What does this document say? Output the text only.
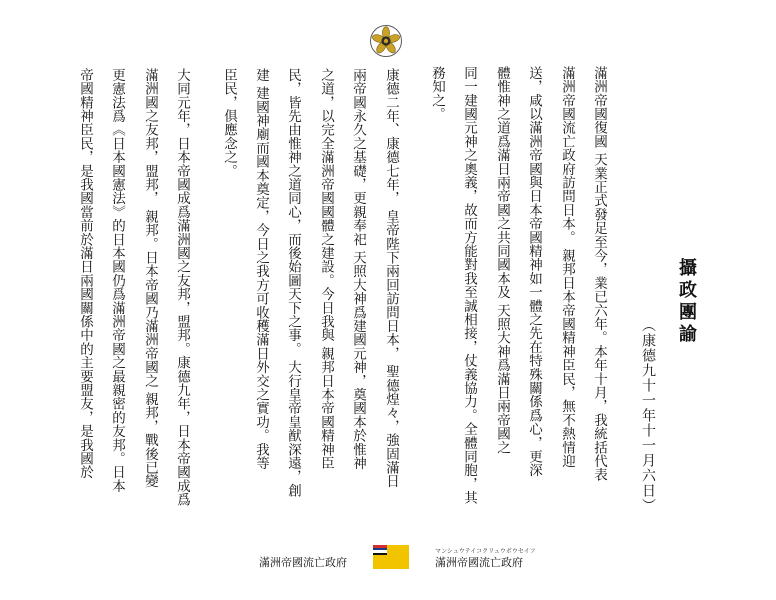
攝政團諭
（康德九十一年十一月六日）
滿洲帝國復國 天業正式發足至今，業已六年。本年十月，我統括代表
滿洲帝國流亡政府訪問日本。 親邦日本帝國精神臣民，無不熱情迎
送，咸以滿洲帝國與日本帝國精神如一體之先在特殊關係爲心，更深
體惟神之道爲滿日兩帝國之共同國本及 天照大神爲滿日兩帝國之
同一建國元神之奧義，故而方能對我至誠相接，仗義協力。全體同胞，其
務知之。
康德二年、康德七年， 皇帝陛下兩回訪問日本， 聖德煌々，強固滿日
兩帝國永久之基礎，更親奉祀 天照大神爲建國元神，奠國本於惟神
之道，以完全滿洲帝國國體之建設。今日我與 親邦日本帝國精神臣
民，皆先由惟神之道同心，而後始圖天下之事。 大行皇帝皇猷深遠，創
建 建國神廟而國本奠定，今日之我方可收穫滿日外交之實功。我等
臣民，俱應念之。
大同元年，日本帝國成爲滿洲國之友邦，盟邦。康德九年，日本帝國成爲
滿洲國之友邦，盟邦， 親邦。日本帝國乃滿洲帝國之 親邦，戰後已變
更憲法爲《日本國憲法》的日本國仍爲滿洲帝國之最親密的友邦。日本
帝國精神臣民，是我國當前於滿日兩國關係中的主要盟友，是我國於
滿洲帝國流亡政府
マンシュウテイコクリュウボウセイフ
滿洲帝國流亡政府
